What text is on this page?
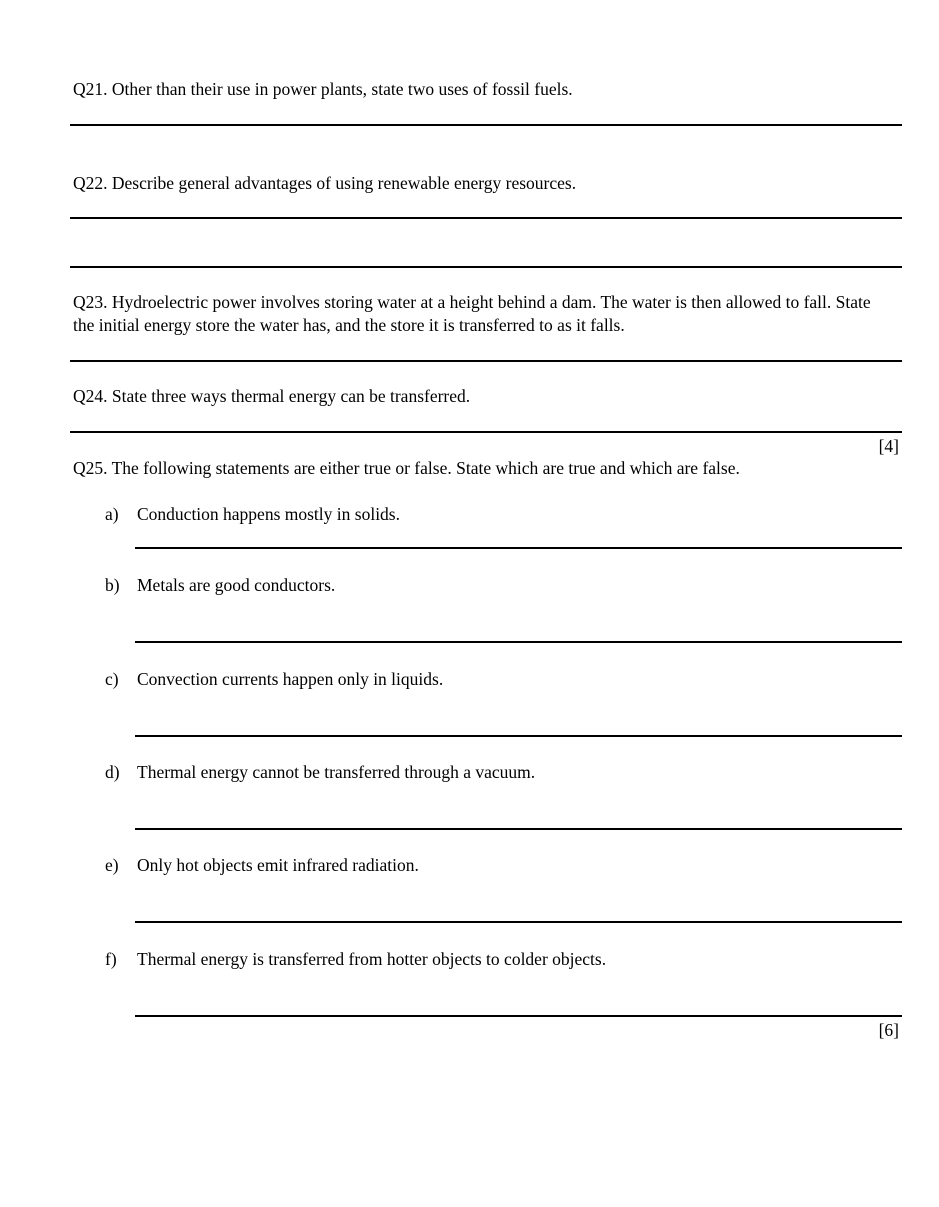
Q21. Other than their use in power plants, state two uses of fossil fuels.
Q22. Describe general advantages of using renewable energy resources.
Q23. Hydroelectric power involves storing water at a height behind a dam. The water is then allowed to fall. State the initial energy store the water has, and the store it is transferred to as it falls.
Q24. State three ways thermal energy can be transferred.
[4]
Q25. The following statements are either true or false. State which are true and which are false.
a) Conduction happens mostly in solids.
b) Metals are good conductors.
c) Convection currents happen only in liquids.
d) Thermal energy cannot be transferred through a vacuum.
e) Only hot objects emit infrared radiation.
f) Thermal energy is transferred from hotter objects to colder objects.
[6]
